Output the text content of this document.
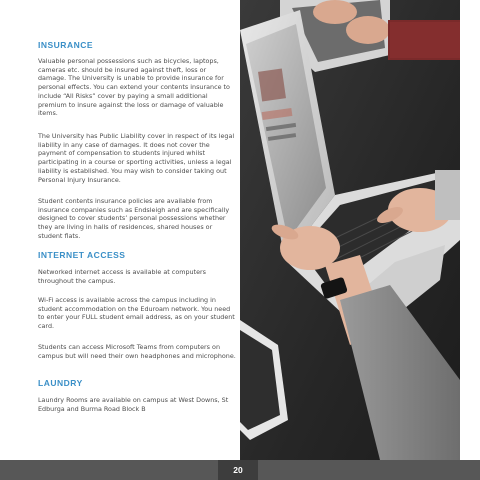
INSURANCE

Valuable personal possessions such as bicycles, laptops, cameras etc. should be insured against theft, loss or damage. The University is unable to provide insurance for personal effects. You can extend your contents insurance to include “All Risks” cover by paying a small additional premium to insure against the loss or damage of valuable items.

The University has Public Liability cover in respect of its legal liability in any case of damages. It does not cover the payment of compensation to students injured whilst participating in a course or sporting activities, unless a legal liability is established. You may wish to consider taking out Personal Injury Insurance.

Student contents insurance policies are available from insurance companies such as Endsleigh and are specifically designed to cover students’ personal possessions whether they are living in halls of residences, shared houses or student flats.

INTERNET ACCESS

Networked internet access is available at computers throughout the campus.

Wi-Fi access is available across the campus including in student accommodation on the Eduroam network. You need to enter your FULL student email address, as on your student card.

Students can access Microsoft Teams from computers on campus but will need their own headphones and microphone.

LAUNDRY

Laundry Rooms are available on campus at West Downs, St Edburga and Burma Road Block B

20
